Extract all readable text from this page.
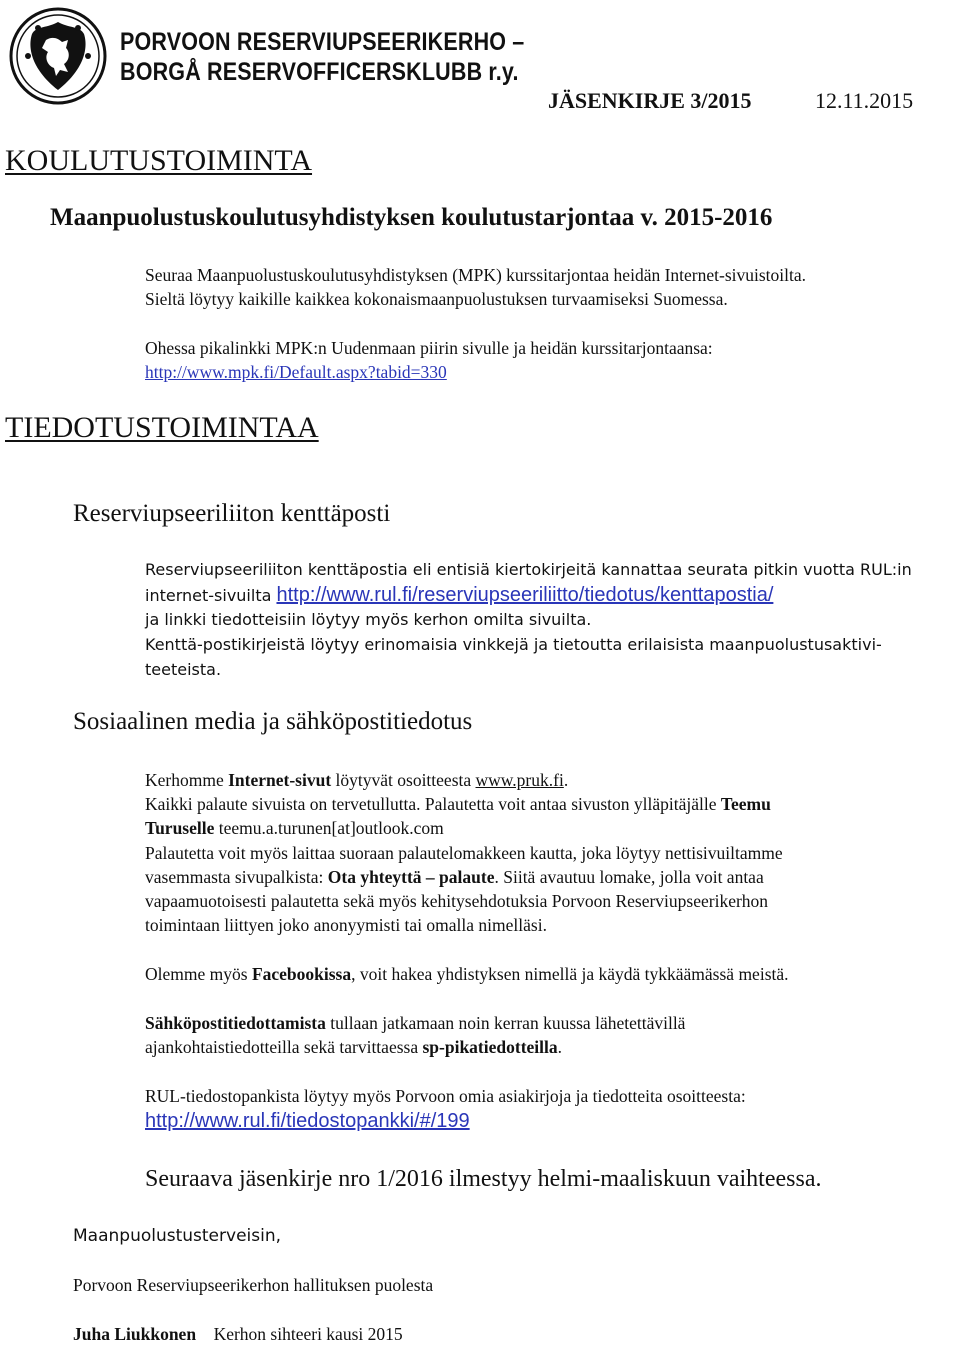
PORVOON RESERVIUPSEERIKERHO –
BORGÅ RESERVOFFICERSKLUBB r.y.
JÄSENKIRJE 3/2015	12.11.2015
KOULUTUSTOIMINTA
Maanpuolustuskoulutusyhdistyksen koulutustarjontaa v. 2015-2016
Seuraa Maanpuolustuskoulutusyhdistyksen (MPK) kurssitarjontaa heidän Internet-sivuistoilta.
Sieltä löytyy kaikille kaikkea kokonaismaanpuolustuksen turvaamiseksi Suomessa.
Ohessa pikalinkki MPK:n Uudenmaan piirin sivulle ja heidän kurssitarjontaansa:
http://www.mpk.fi/Default.aspx?tabid=330
TIEDOTUSTOIMINTAA
Reserviupseeriliiton kenttäposti
Reserviupseeriliiton kenttäpostia eli entisiä kiertokirjeitä kannattaa seurata pitkin vuotta RUL:in
internet-sivuilta http://www.rul.fi/reserviupseeriliitto/tiedotus/kenttapostia/
ja linkki tiedotteisiin löytyy myös kerhon omilta sivuilta.
Kenttä-postikirjeistä löytyy erinomaisia vinkkejä ja tietoutta erilaisista maanpuolustusaktivi-
teeteista.
Sosiaalinen media ja sähköpostitiedotus
Kerhomme Internet-sivut löytyvät osoitteesta www.pruk.fi.
Kaikki palaute sivuista on tervetullutta. Palautetta voit antaa sivuston ylläpitäjälle Teemu
Turuselle teemu.a.turunen[at]outlook.com
Palautetta voit myös laittaa suoraan palautelomakkeen kautta, joka löytyy nettisivuiltamme
vasemmasta sivupalkista: Ota yhteyttä – palaute. Siitä avautuu lomake, jolla voit antaa
vapaamuotoisesti palautetta sekä myös kehitysehdotuksia Porvoon Reserviupseerikerhon
toimintaan liittyen joko anonyymisti tai omalla nimelläsi.
Olemme myös Facebookissa, voit hakea yhdistyksen nimellä ja käydä tykkäämässä meistä.
Sähköpostitiedottamista tullaan jatkamaan noin kerran kuussa lähetettävillä
ajankohtaistiedotteilla sekä tarvittaessa sp-pikatiedotteilla.
RUL-tiedostopankista löytyy myös Porvoon omia asiakirjoja ja tiedotteita osoitteesta:
http://www.rul.fi/tiedostopankki/#/199
Seuraava jäsenkirje nro 1/2016 ilmestyy helmi-maaliskuun vaihteessa.
Maanpuolustusterveisin,
Porvoon Reserviupseerikerhon hallituksen puolesta
Juha Liukkonen Kerhon sihteeri kausi 2015
